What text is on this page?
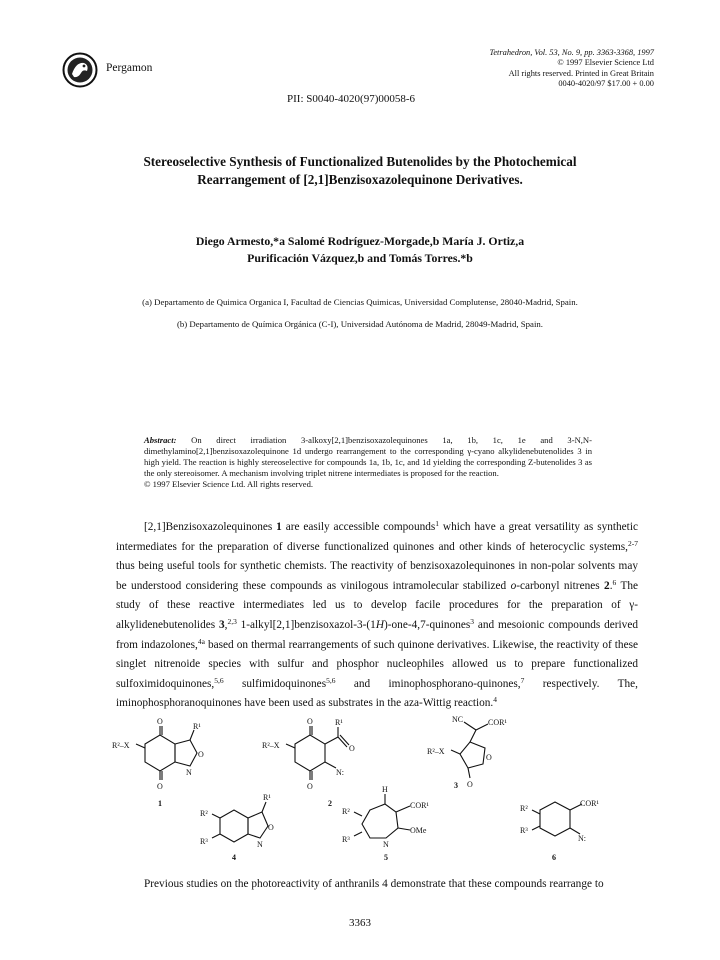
Pergamon
Tetrahedron, Vol. 53, No. 9, pp. 3363-3368, 1997
© 1997 Elsevier Science Ltd
All rights reserved. Printed in Great Britain
0040-4020/97 $17.00 + 0.00
PII: S0040-4020(97)00058-6
Stereoselective Synthesis of Functionalized Butenolides by the Photochemical
Rearrangement of [2,1]Benzisoxazolequinone Derivatives.
Diego Armesto,*a Salomé Rodríguez-Morgade,b María J. Ortiz,a
Purificación Vázquez,b and Tomás Torres.*b
(a) Departamento de Quimica Organica I, Facultad de Ciencias Quimicas, Universidad Complutense, 28040-Madrid, Spain.
(b) Departamento de Química Orgánica (C-I), Universidad Autónoma de Madrid, 28049-Madrid, Spain.
Abstract: On direct irradiation 3-alkoxy[2,1]benzisoxazolequinones 1a, 1b, 1c, 1e and 3-N,N-dimethylamino[2,1]benzisoxazolequinone 1d undergo rearrangement to the corresponding γ-cyano alkylidenebutenolides 3 in high yield. The reaction is highly stereoselective for compounds 1a, 1b, 1c, and 1d yielding the corresponding Z-butenolides 3 as the only stereoisomer. A mechanism involving triplet nitrene intermediates is proposed for the reaction.
© 1997 Elsevier Science Ltd. All rights reserved.

[2,1]Benzisoxazolequinones 1 are easily accessible compounds$^1$ which have a great versatility as synthetic intermediates for the preparation of diverse functionalized quinones and other kinds of heterocyclic systems,$^{2-7}$ thus being useful tools for synthetic chemists. The reactivity of benzisoxazolequinones in non-polar solvents may be understood considering these compounds as vinilogous intramolecular stabilized o-carbonyl nitrenes 2.$^6$ The study of these reactive intermediates led us to develop facile procedures for the preparation of γ-alkylidenebutenolides 3,$^{2,3}$ 1-alkyl[2,1]benzisoxazol-3-(1H)-one-4,7-quinones$^3$ and mesoionic compounds derived from indazolones,$^{4a}$ based on thermal rearrangements of such quinone derivatives. Likewise, the reactivity of these singlet nitrenoide species with sulfur and phosphor nucleophiles allowed us to prepare functionalized sulfoximidoquinones,$^{5,6}$ sulfimidoquinones$^{5,6}$ and iminophosphorano-quinones,$^7$ respectively. The, iminophosphoranoquinones have been used as substrates in the aza-Wittig reaction.$^4$

R²–X
R¹
O
O
O
N
1
R²–X
O	R¹
O
N:
O
2
NC	COR¹
R²–X
O
O
3
R²
R³
R¹
O
N
4
H
COR¹
OMe
R²
R³
N
5
R²
R³
COR¹
N:
6
Previous studies on the photoreactivity of anthranils 4 demonstrate that these compounds rearrange to
3363
